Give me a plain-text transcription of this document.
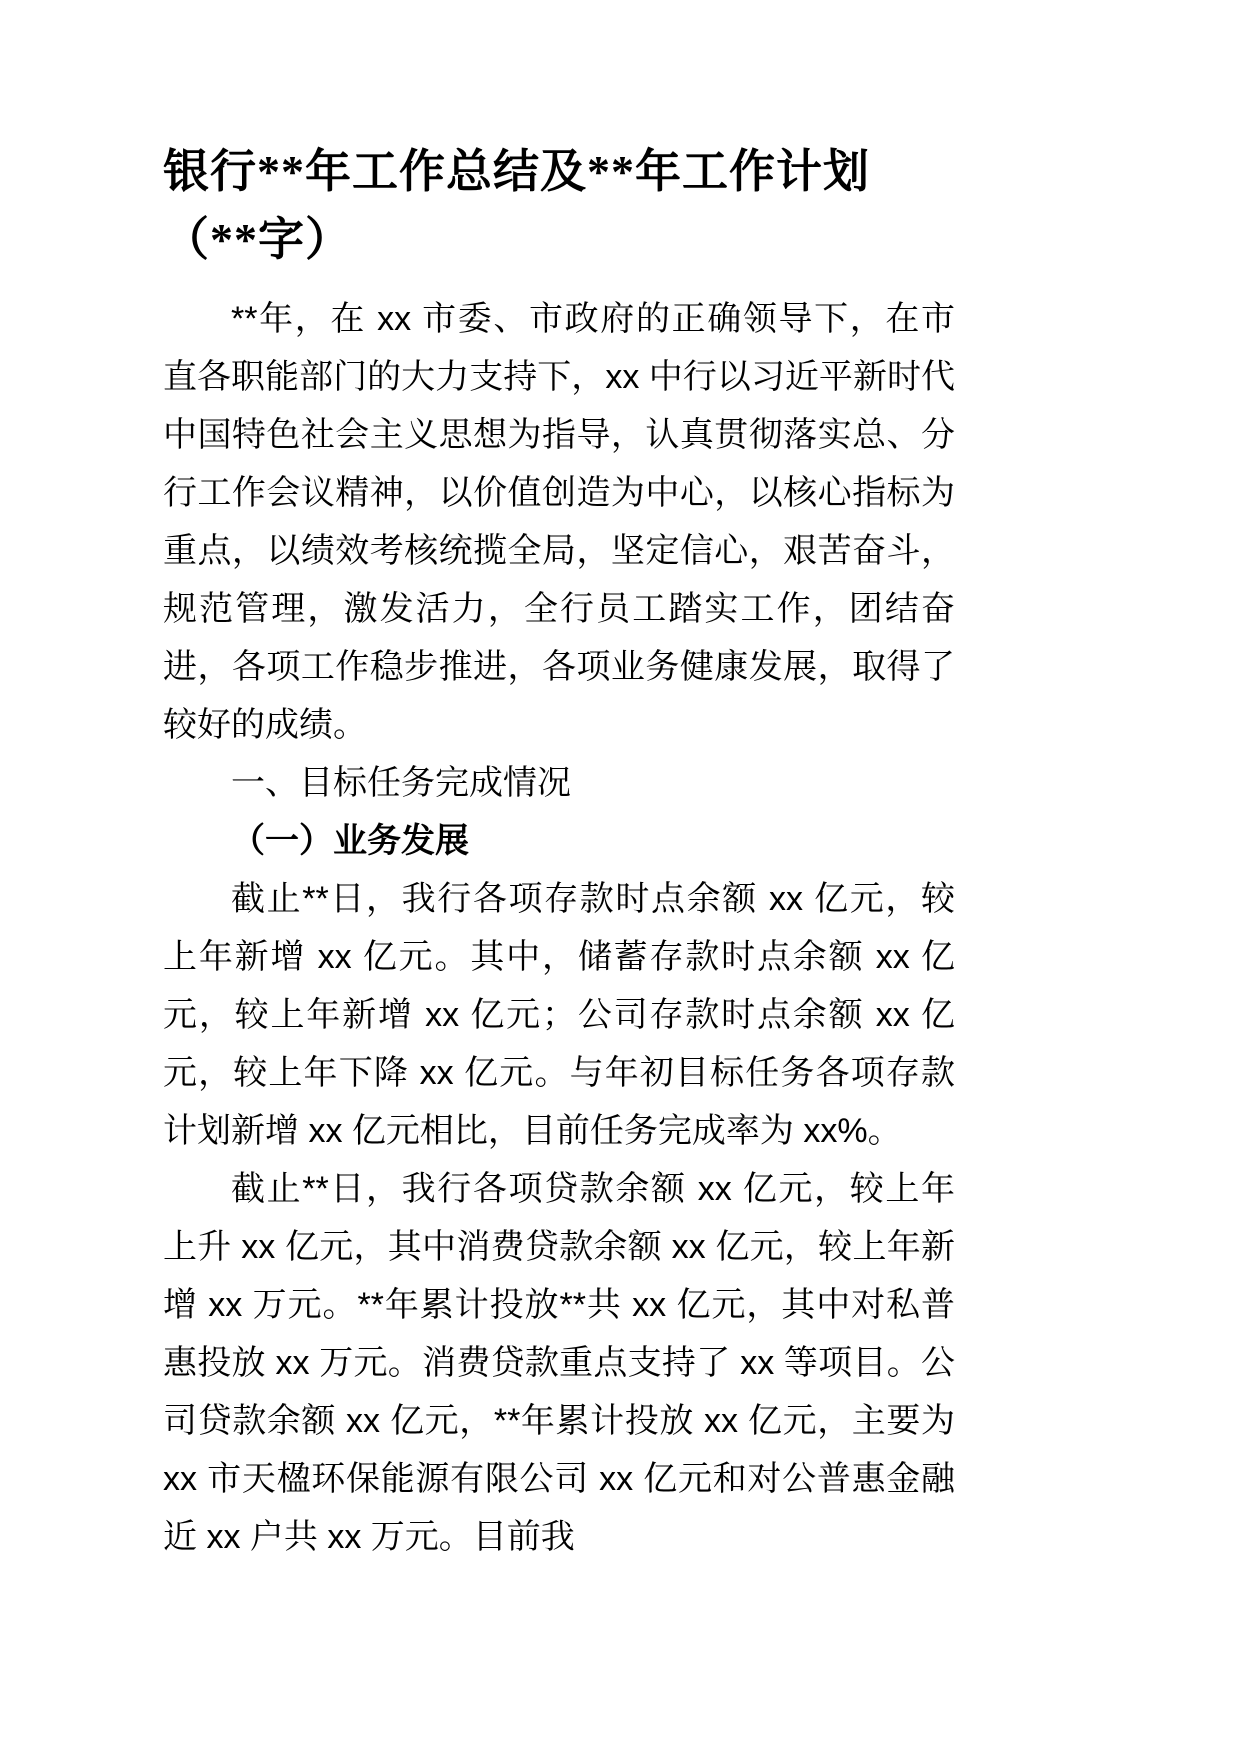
银行**年工作总结及**年工作计划（**字）

**年，在 xx 市委、市政府的正确领导下，在市直各职能部门的大力支持下，xx 中行以习近平新时代中国特色社会主义思想为指导，认真贯彻落实总、分行工作会议精神，以价值创造为中心，以核心指标为重点，以绩效考核统揽全局，坚定信心，艰苦奋斗，规范管理，激发活力，全行员工踏实工作，团结奋进，各项工作稳步推进，各项业务健康发展，取得了较好的成绩。

一、目标任务完成情况

（一）业务发展

截止**日，我行各项存款时点余额 xx 亿元，较上年新增 xx 亿元。其中，储蓄存款时点余额 xx 亿元，较上年新增 xx 亿元；公司存款时点余额 xx 亿元，较上年下降 xx 亿元。与年初目标任务各项存款计划新增 xx 亿元相比，目前任务完成率为 xx%。

截止**日，我行各项贷款余额 xx 亿元，较上年上升 xx 亿元，其中消费贷款余额 xx 亿元，较上年新增 xx 万元。**年累计投放**共 xx 亿元，其中对私普惠投放 xx 万元。消费贷款重点支持了 xx 等项目。公司贷款余额 xx 亿元，**年累计投放 xx 亿元，主要为 xx 市天楹环保能源有限公司 xx 亿元和对公普惠金融近 xx 户共 xx 万元。目前我
